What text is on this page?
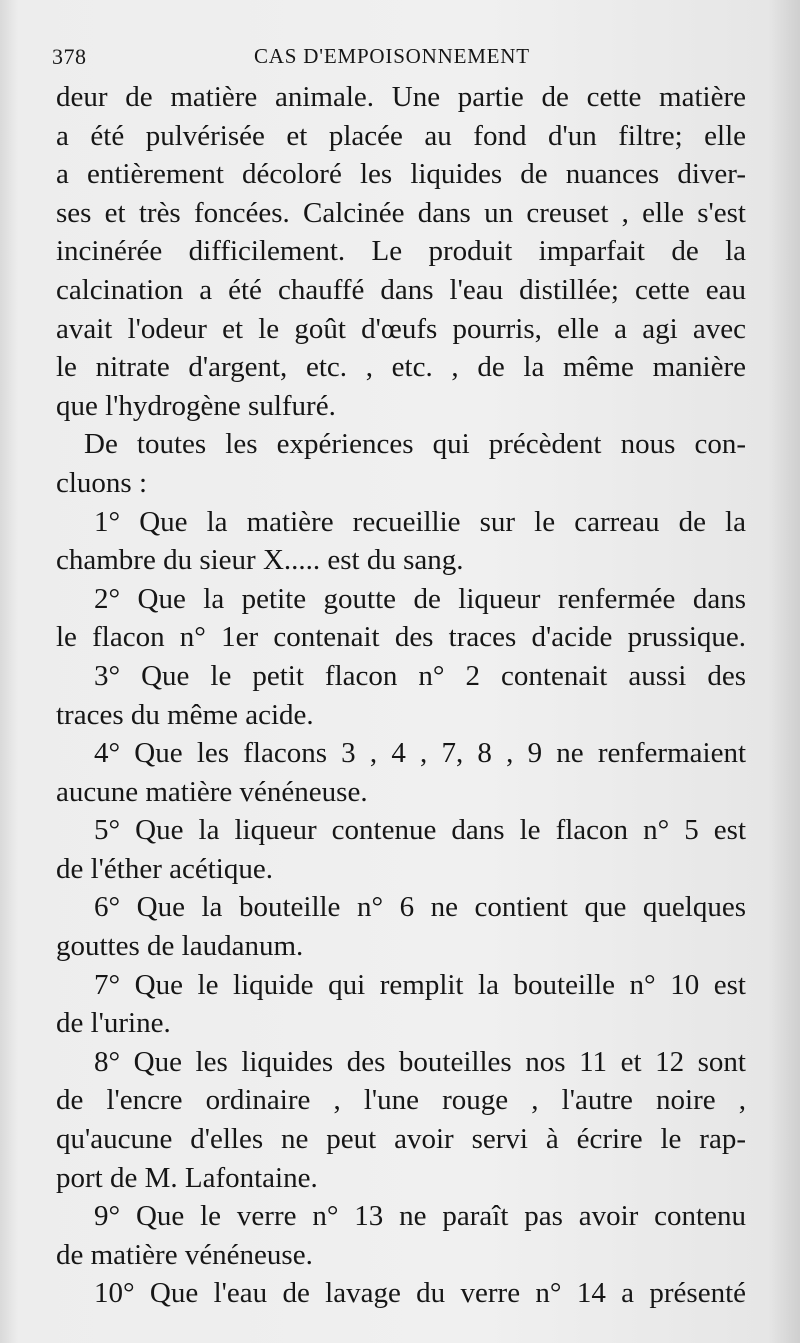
378	CAS D'EMPOISONNEMENT
deur de matière animale. Une partie de cette matière
a été pulvérisée et placée au fond d'un filtre; elle
a entièrement décoloré les liquides de nuances diver-
ses et très foncées. Calcinée dans un creuset , elle s'est
incinérée difficilement. Le produit imparfait de la
calcination a été chauffé dans l'eau distillée; cette eau
avait l'odeur et le goût d'œufs pourris, elle a agi avec
le nitrate d'argent, etc. , etc. , de la même manière
que l'hydrogène sulfuré.
De toutes les expériences qui précèdent nous con-
cluons :
1° Que la matière recueillie sur le carreau de la
chambre du sieur X..... est du sang.
2° Que la petite goutte de liqueur renfermée dans
le flacon n° 1er contenait des traces d'acide prussique.
3° Que le petit flacon n° 2 contenait aussi des
traces du même acide.
4° Que les flacons 3 , 4 , 7, 8 , 9 ne renfermaient
aucune matière vénéneuse.
5° Que la liqueur contenue dans le flacon n° 5 est
de l'éther acétique.
6° Que la bouteille n° 6 ne contient que quelques
gouttes de laudanum.
7° Que le liquide qui remplit la bouteille n° 10 est
de l'urine.
8° Que les liquides des bouteilles nos 11 et 12 sont
de l'encre ordinaire , l'une rouge , l'autre noire ,
qu'aucune d'elles ne peut avoir servi à écrire le rap-
port de M. Lafontaine.
9° Que le verre n° 13 ne paraît pas avoir contenu
de matière vénéneuse.
10° Que l'eau de lavage du verre n° 14 a présenté
